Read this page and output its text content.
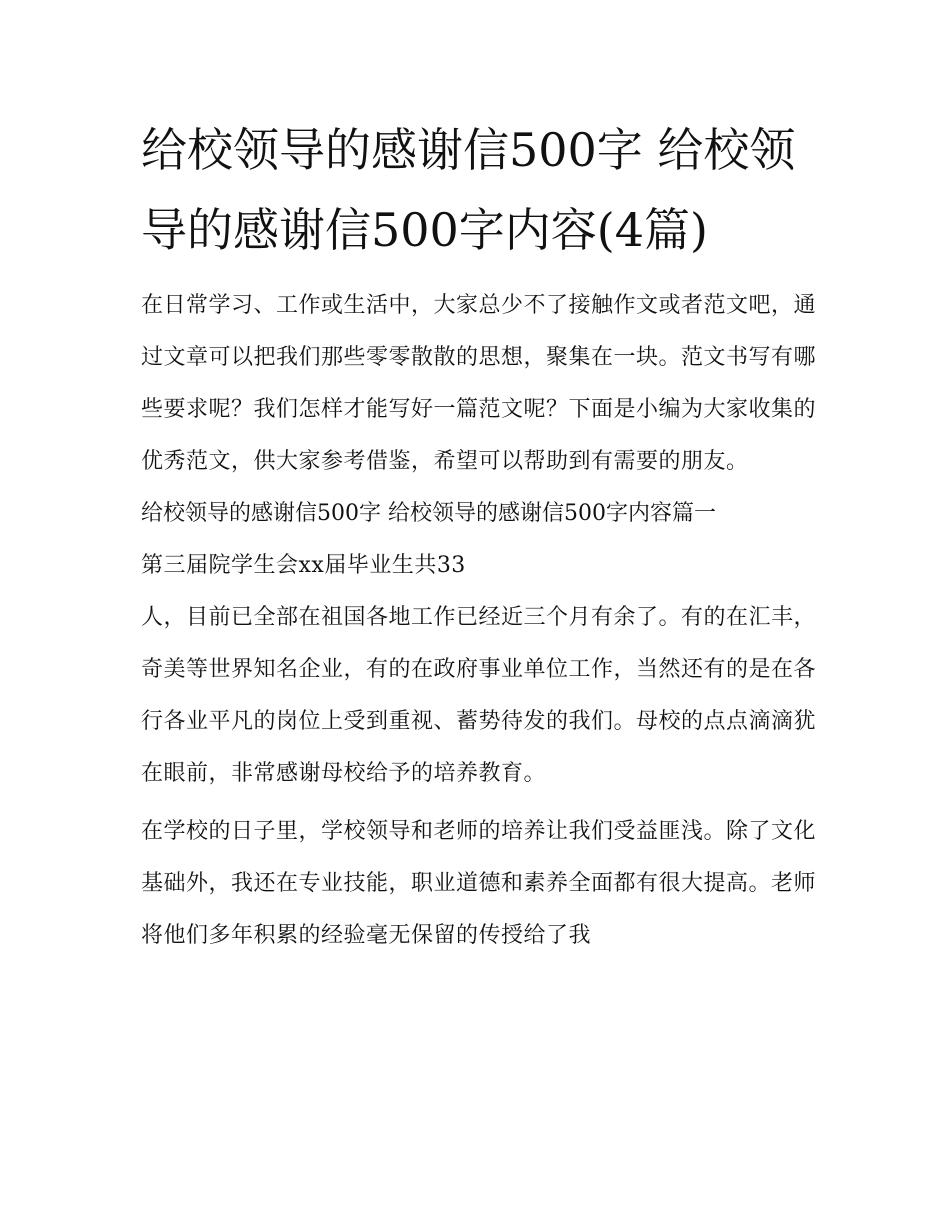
给校领导的感谢信500字 给校领导的感谢信500字内容(4篇)

在日常学习、工作或生活中，大家总少不了接触作文或者范文吧，通过文章可以把我们那些零零散散的思想，聚集在一块。范文书写有哪些要求呢？我们怎样才能写好一篇范文呢？下面是小编为大家收集的优秀范文，供大家参考借鉴，希望可以帮助到有需要的朋友。

给校领导的感谢信500字 给校领导的感谢信500字内容篇一

第三届院学生会xx届毕业生共33

人，目前已全部在祖国各地工作已经近三个月有余了。有的在汇丰，奇美等世界知名企业，有的在政府事业单位工作，当然还有的是在各行各业平凡的岗位上受到重视、蓄势待发的我们。母校的点点滴滴犹在眼前，非常感谢母校给予的培养教育。

在学校的日子里，学校领导和老师的培养让我们受益匪浅。除了文化基础外，我还在专业技能，职业道德和素养全面都有很大提高。老师将他们多年积累的经验毫无保留的传授给了我
